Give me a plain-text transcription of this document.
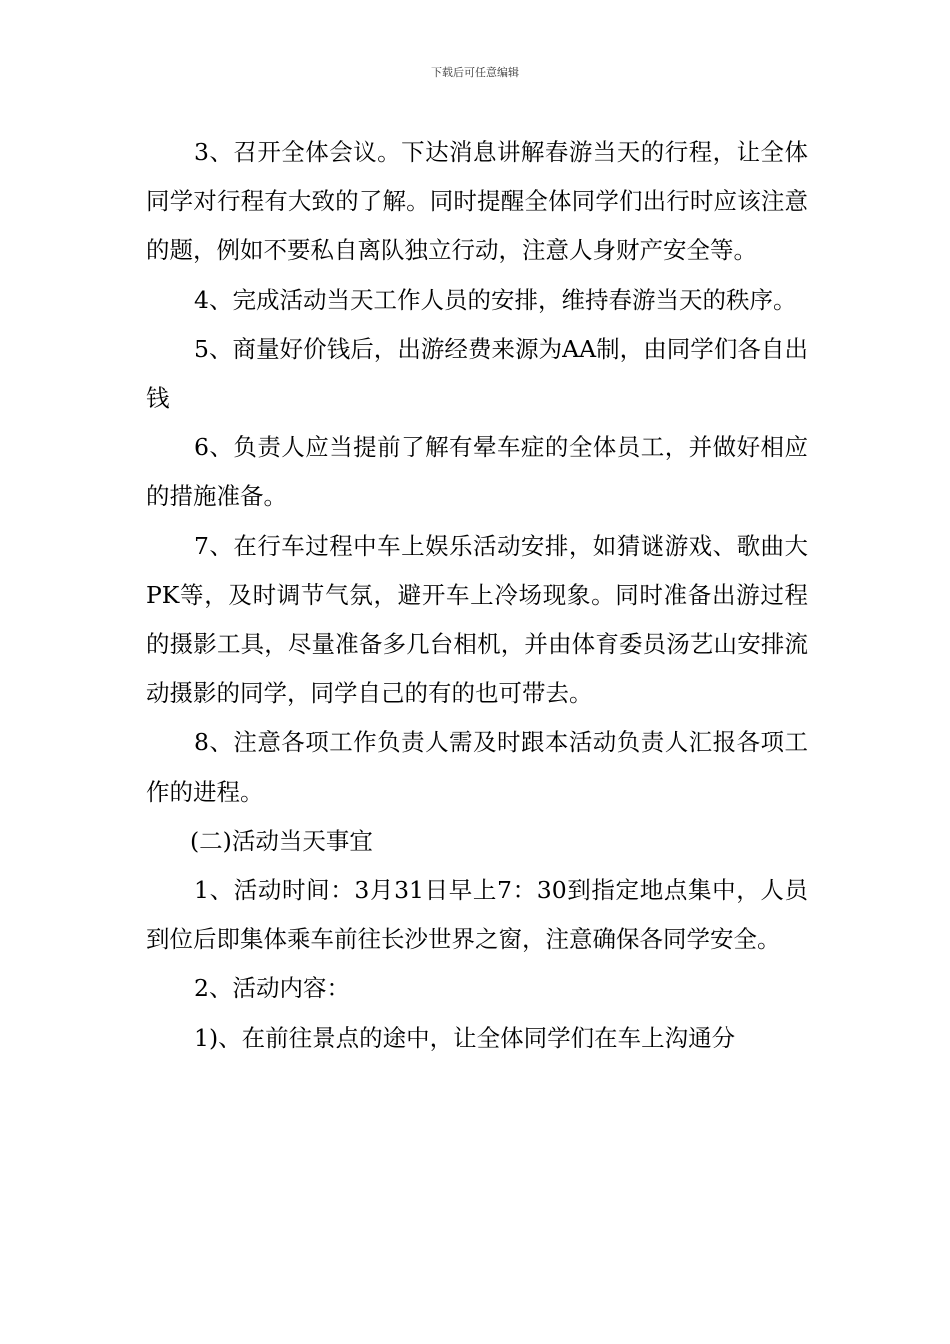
下载后可任意编辑

3、召开全体会议。下达消息讲解春游当天的行程，让全体同学对行程有大致的了解。同时提醒全体同学们出行时应该注意的题，例如不要私自离队独立行动，注意人身财产安全等。

4、完成活动当天工作人员的安排，维持春游当天的秩序。

5、商量好价钱后，出游经费来源为AA制，由同学们各自出钱

6、负责人应当提前了解有晕车症的全体员工，并做好相应的措施准备。

7、在行车过程中车上娱乐活动安排，如猜谜游戏、歌曲大PK等，及时调节气氛，避开车上冷场现象。同时准备出游过程的摄影工具，尽量准备多几台相机，并由体育委员汤艺山安排流动摄影的同学，同学自己的有的也可带去。

8、注意各项工作负责人需及时跟本活动负责人汇报各项工作的进程。

(二)活动当天事宜

1、活动时间：3月31日早上7：30到指定地点集中，人员到位后即集体乘车前往长沙世界之窗，注意确保各同学安全。

2、活动内容：

1)、在前往景点的途中，让全体同学们在车上沟通分
